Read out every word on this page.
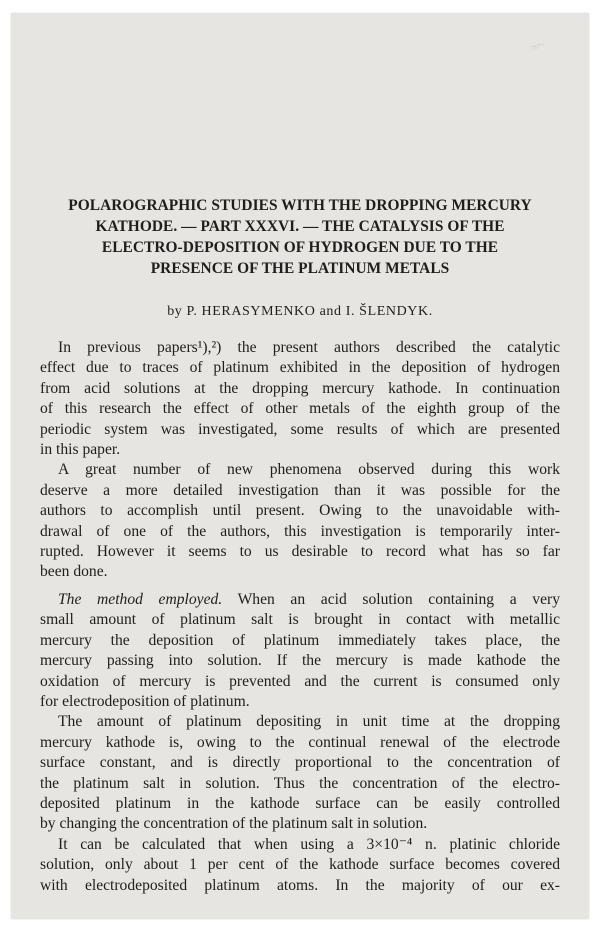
̶∕∕′′
POLAROGRAPHIC STUDIES WITH THE DROPPING MERCURY
KATHODE. — PART XXXVI. — THE CATALYSIS OF THE
ELECTRO-DEPOSITION OF HYDROGEN DUE TO THE
PRESENCE OF THE PLATINUM METALS
by P. HERASYMENKO and I. ŠLENDYK.

In previous papers¹),²) the present authors described the catalytic
effect due to traces of platinum exhibited in the deposition of hydrogen
from acid solutions at the dropping mercury kathode. In continuation
of this research the effect of other metals of the eighth group of the
periodic system was investigated, some results of which are presented
in this paper.

A great number of new phenomena observed during this work
deserve a more detailed investigation than it was possible for the
authors to accomplish until present. Owing to the unavoidable with-
drawal of one of the authors, this investigation is temporarily inter-
rupted. However it seems to us desirable to record what has so far
been done.

The method employed. When an acid solution containing a very
small amount of platinum salt is brought in contact with metallic
mercury the deposition of platinum immediately takes place, the
mercury passing into solution. If the mercury is made kathode the
oxidation of mercury is prevented and the current is consumed only
for electrodeposition of platinum.

The amount of platinum depositing in unit time at the dropping
mercury kathode is, owing to the continual renewal of the electrode
surface constant, and is directly proportional to the concentration of
the platinum salt in solution. Thus the concentration of the electro-
deposited platinum in the kathode surface can be easily controlled
by changing the concentration of the platinum salt in solution.

It can be calculated that when using a 3×10⁻⁴ n. platinic chloride
solution, only about 1 per cent of the kathode surface becomes covered
with electrodeposited platinum atoms. In the majority of our ex-
